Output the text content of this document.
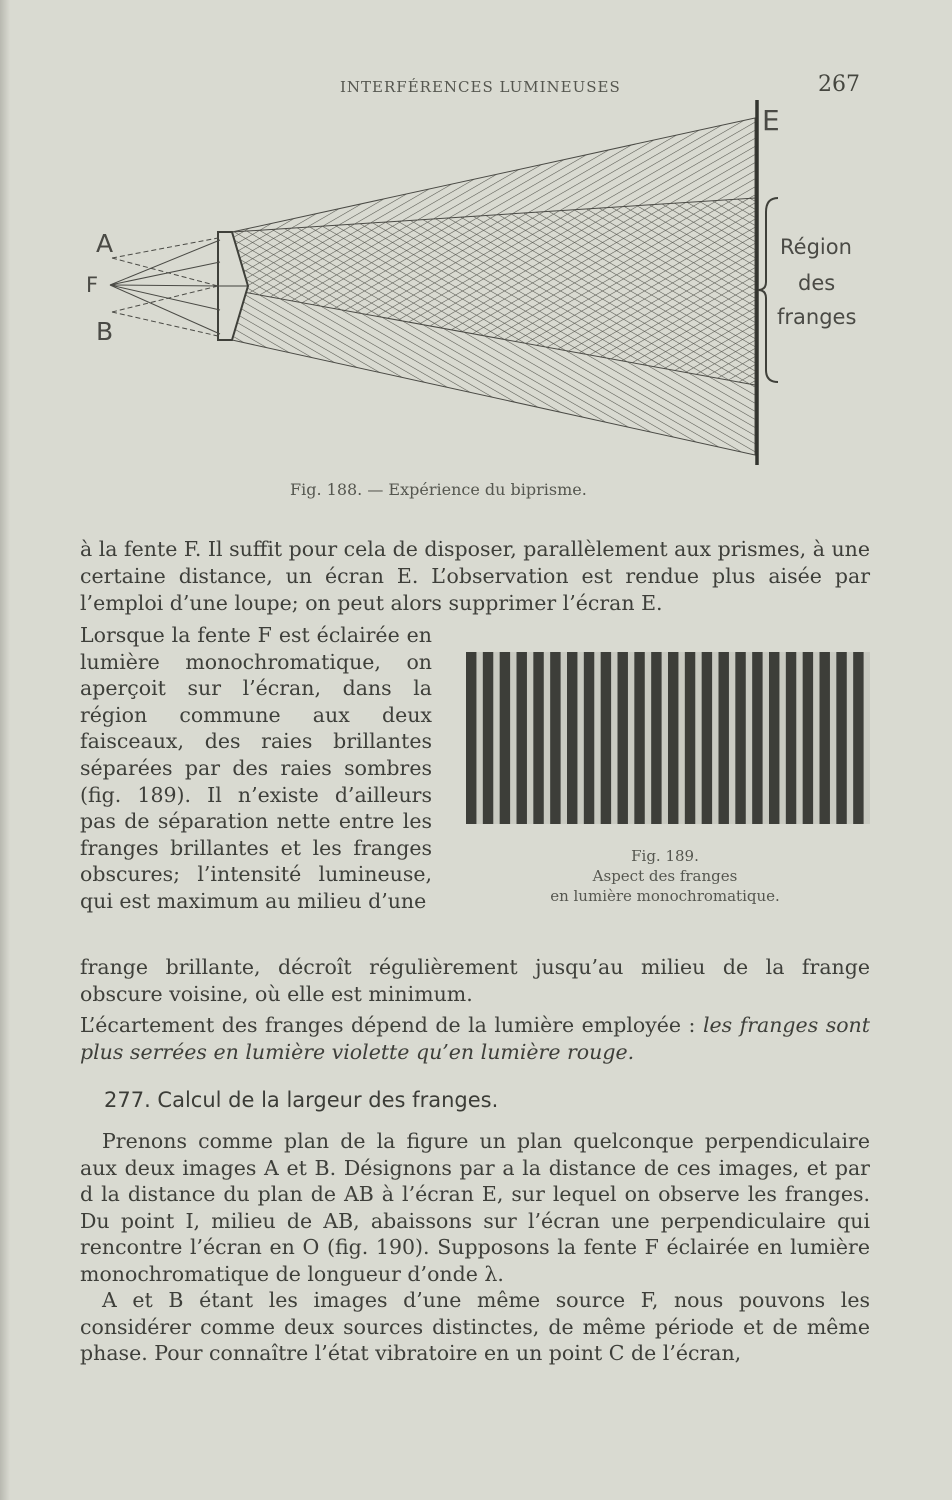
INTERFÉRENCES LUMINEUSES	267
A
F
B
E
Région
des
franges
Fig. 188. — Expérience du biprisme.
à la fente F. Il suffit pour cela de disposer, parallèlement aux prismes, à une certaine distance, un écran E. L’observation est rendue plus aisée par l’emploi d’une loupe; on peut alors supprimer l’écran E.
Lorsque la fente F est éclairée en lumière monochromatique, on aperçoit sur l’écran, dans la région commune aux deux faisceaux, des raies brillantes séparées par des raies sombres (fig. 189). Il n’existe d’ailleurs pas de séparation nette entre les franges brillantes et les franges obscures; l’intensité lumineuse, qui est maximum au milieu d’une
Fig. 189.
Aspect des franges
en lumière monochromatique.
frange brillante, décroît régulièrement jusqu’au milieu de la frange obscure voisine, où elle est minimum.
L’écartement des franges dépend de la lumière employée : les franges sont plus serrées en lumière violette qu’en lumière rouge.
277. Calcul de la largeur des franges.

Prenons comme plan de la figure un plan quelconque perpendiculaire aux deux images A et B. Désignons par a la distance de ces images, et par d la distance du plan de AB à l’écran E, sur lequel on observe les franges. Du point I, milieu de AB, abaissons sur l’écran une perpendiculaire qui rencontre l’écran en O (fig. 190). Supposons la fente F éclairée en lumière monochromatique de longueur d’onde λ.

A et B étant les images d’une même source F, nous pouvons les considérer comme deux sources distinctes, de même période et de même phase. Pour connaître l’état vibratoire en un point C de l’écran,
